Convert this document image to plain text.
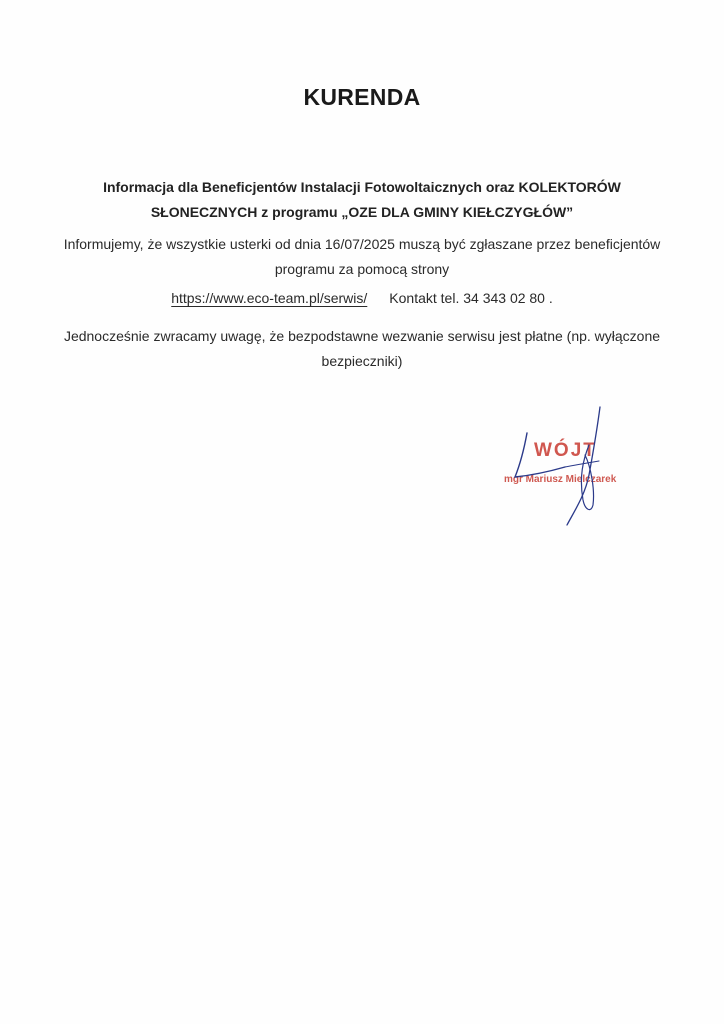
KURENDA
Informacja dla Beneficjentów Instalacji Fotowoltaicznych oraz KOLEKTORÓW SŁONECZNYCH z programu „OZE DLA GMINY KIEŁCZYGŁÓW”
Informujemy, że wszystkie usterki od dnia 16/07/2025 muszą być zgłaszane przez beneficjentów programu za pomocą strony
https://www.eco-team.pl/serwis/ Kontakt tel. 34 343 02 80 .
Jednocześnie zwracamy uwagę, że bezpodstawne wezwanie serwisu jest płatne (np. wyłączone bezpieczniki)
WÓJT
mgr Mariusz Mielczarek
